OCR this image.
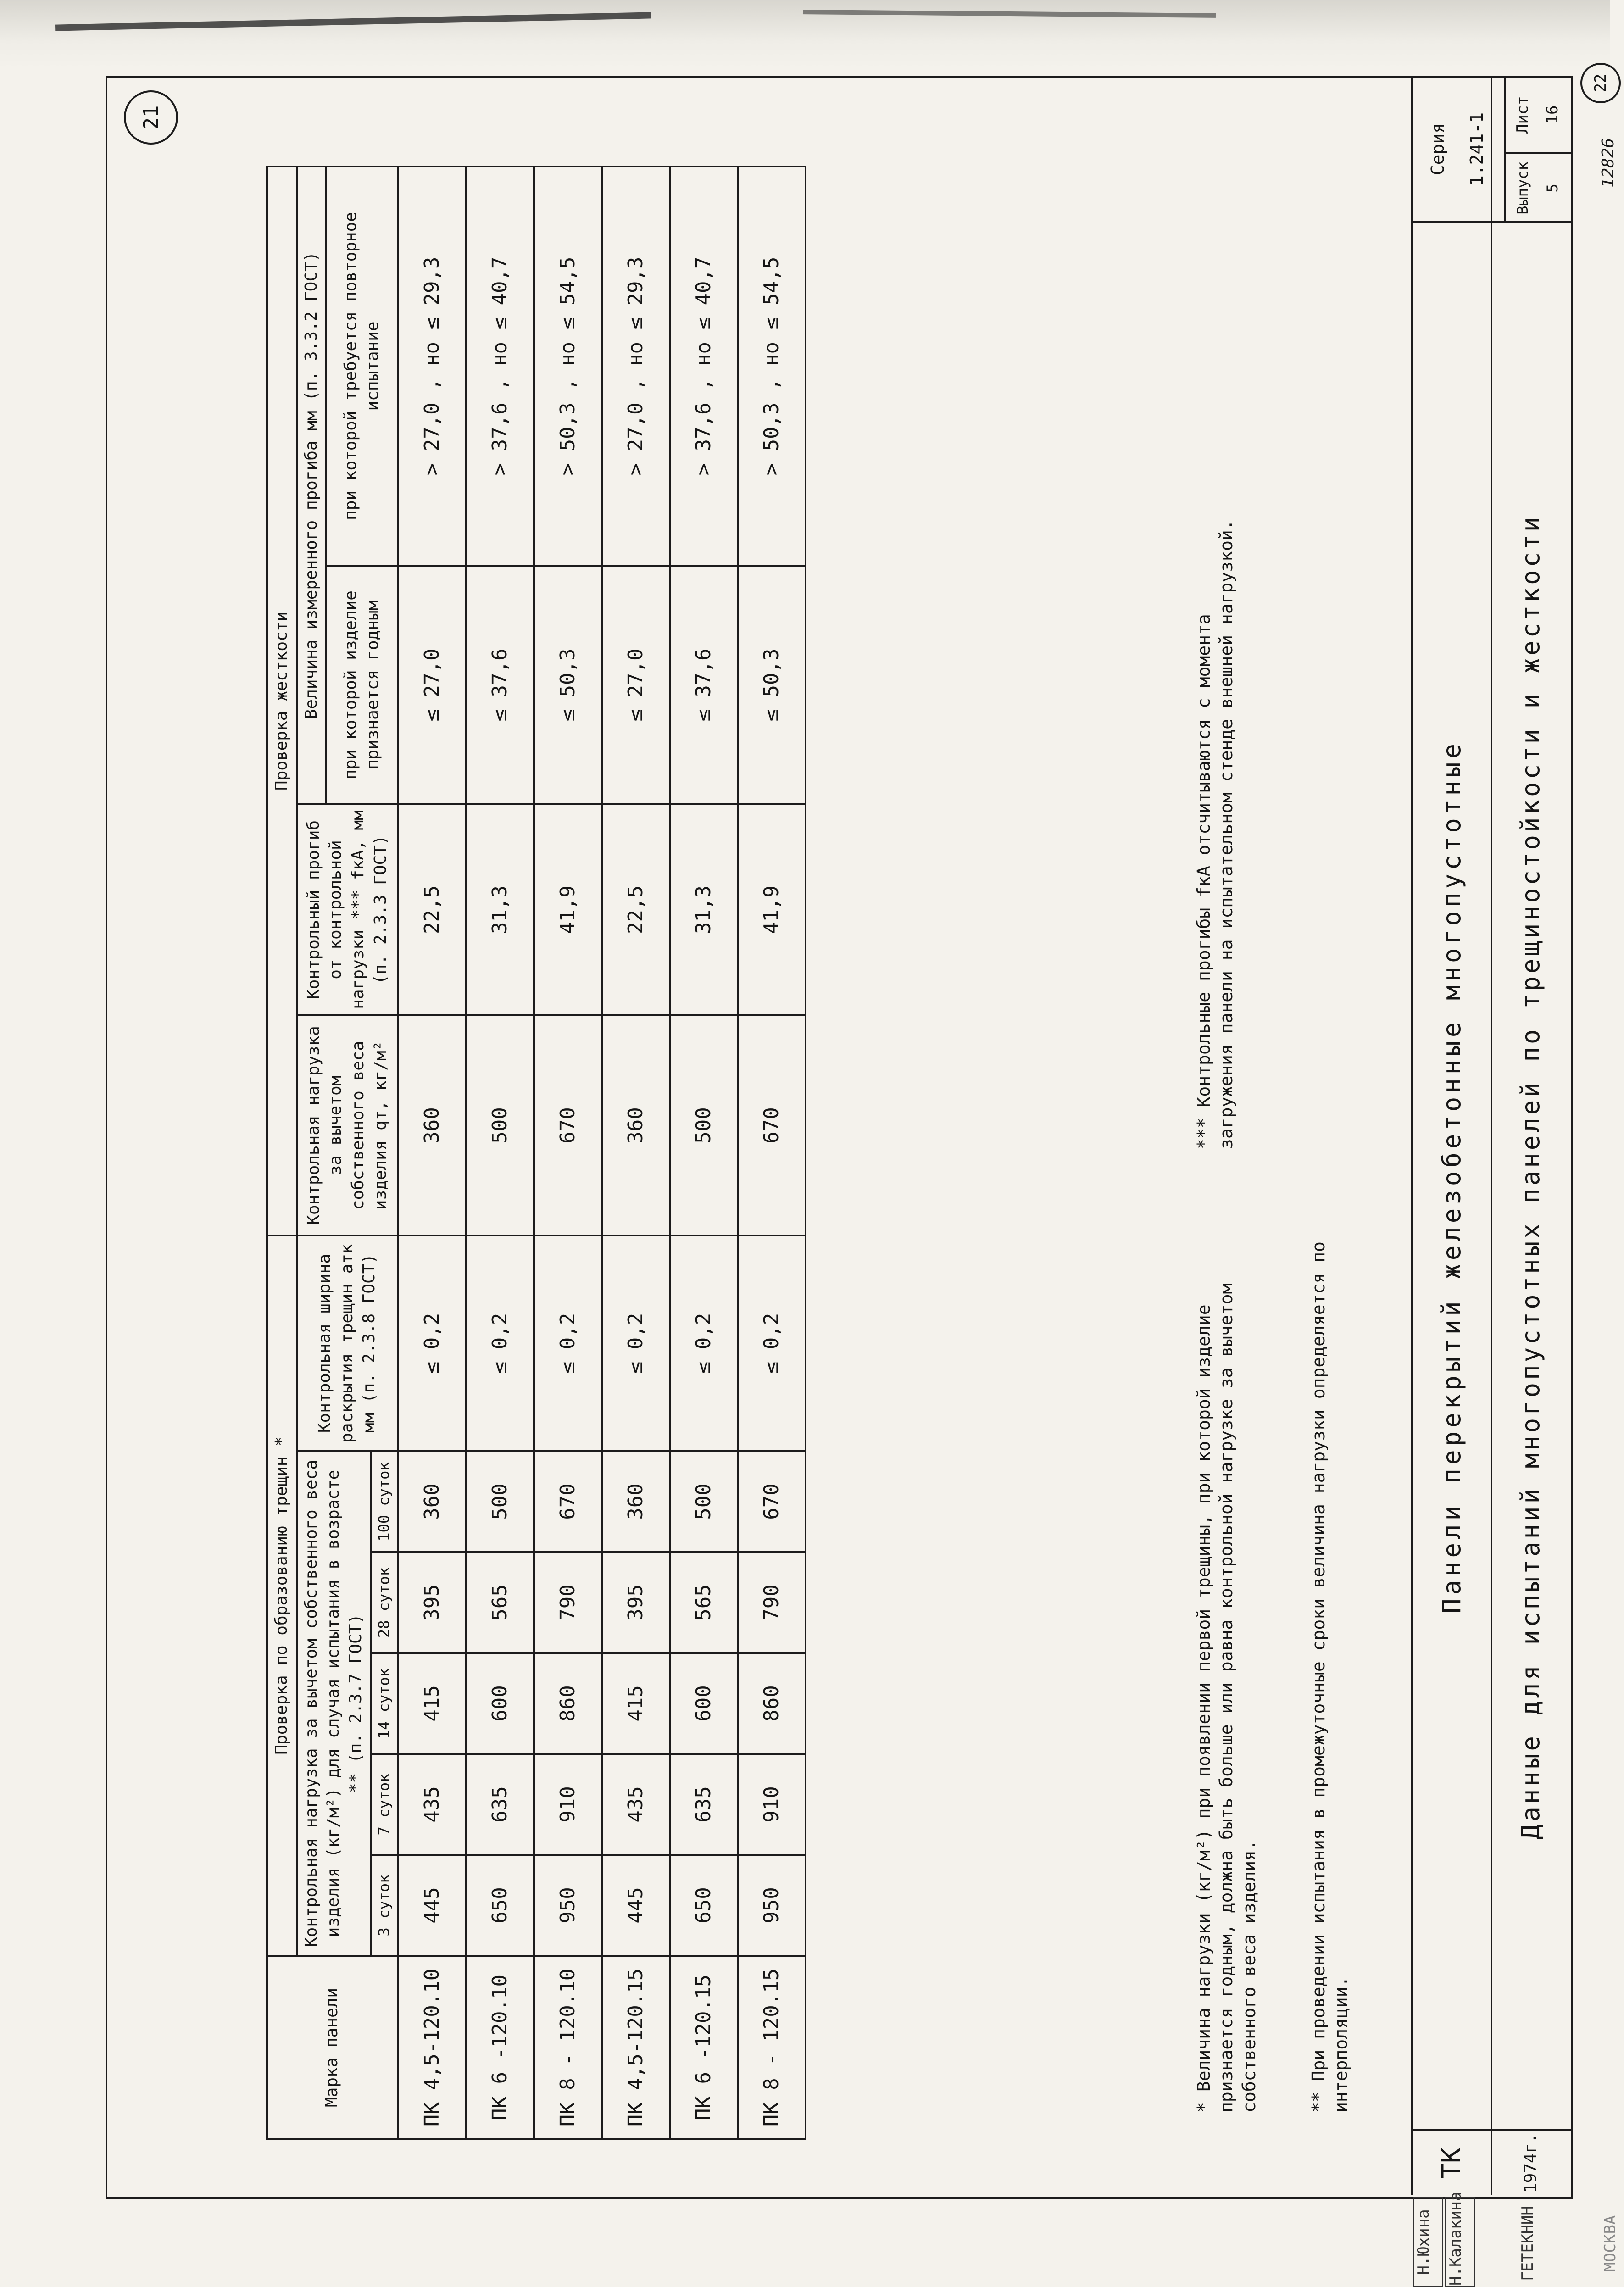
21
Марка панели	Проверка по образованию трещин *						Проверка жесткости			
	Контрольная нагрузка за вычетом собственного веса изделия (кг/м²) для случая испытания в возрасте ** (п. 2.3.7 ГОСТ)					Контрольная ширина раскрытия трещин aтк мм (п. 2.3.8 ГОСТ)	Контрольная нагрузка за вычетом собственного веса изделия qт, кг/м²	Контрольный прогиб от контрольной нагрузки *** fкА, мм (п. 2.3.3 ГОСТ)	Величина измеренного прогиба мм (п. 3.3.2 ГОСТ)	
									при которой изделие признается годным	при которой требуется повторное испытание
	3 суток	7 суток	14 суток	28 суток	100 суток					
ПК 4,5-120.10	445	435	415	395	360	≤ 0,2	360	22,5	≤ 27,0	> 27,0 , но ≤ 29,3
ПК 6 -120.10	650	635	600	565	500	≤ 0,2	500	31,3	≤ 37,6	> 37,6 , но ≤ 40,7
ПК 8 - 120.10	950	910	860	790	670	≤ 0,2	670	41,9	≤ 50,3	> 50,3 , но ≤ 54,5
ПК 4,5-120.15	445	435	415	395	360	≤ 0,2	360	22,5	≤ 27,0	> 27,0 , но ≤ 29,3
ПК 6 -120.15	650	635	600	565	500	≤ 0,2	500	31,3	≤ 37,6	> 37,6 , но ≤ 40,7
ПК 8 - 120.15	950	910	860	790	670	≤ 0,2	670	41,9	≤ 50,3	> 50,3 , но ≤ 54,5
* Величина нагрузки (кг/м²) при появлении первой трещины, при которой изделие признается годным, должна быть больше или равна контрольной нагрузке за вычетом собственного веса изделия.	** При проведении испытания в промежуточные сроки величина нагрузки определяется по интерполяции.
*** Контрольные прогибы fкА отсчитываются с момента загружения панели на испытательном стенде внешней нагрузкой.
ТК	1974г.
Панели перекрытий железобетонные многопустотные	Данные для испытаний многопустотных панелей по трещиностойкости и жесткости
Серия	1.241-1
Выпуск 5
Лист 16
12826
22
Н.Юхина Н.Калакина	ГЕТЕКНИН	МОСКВА
